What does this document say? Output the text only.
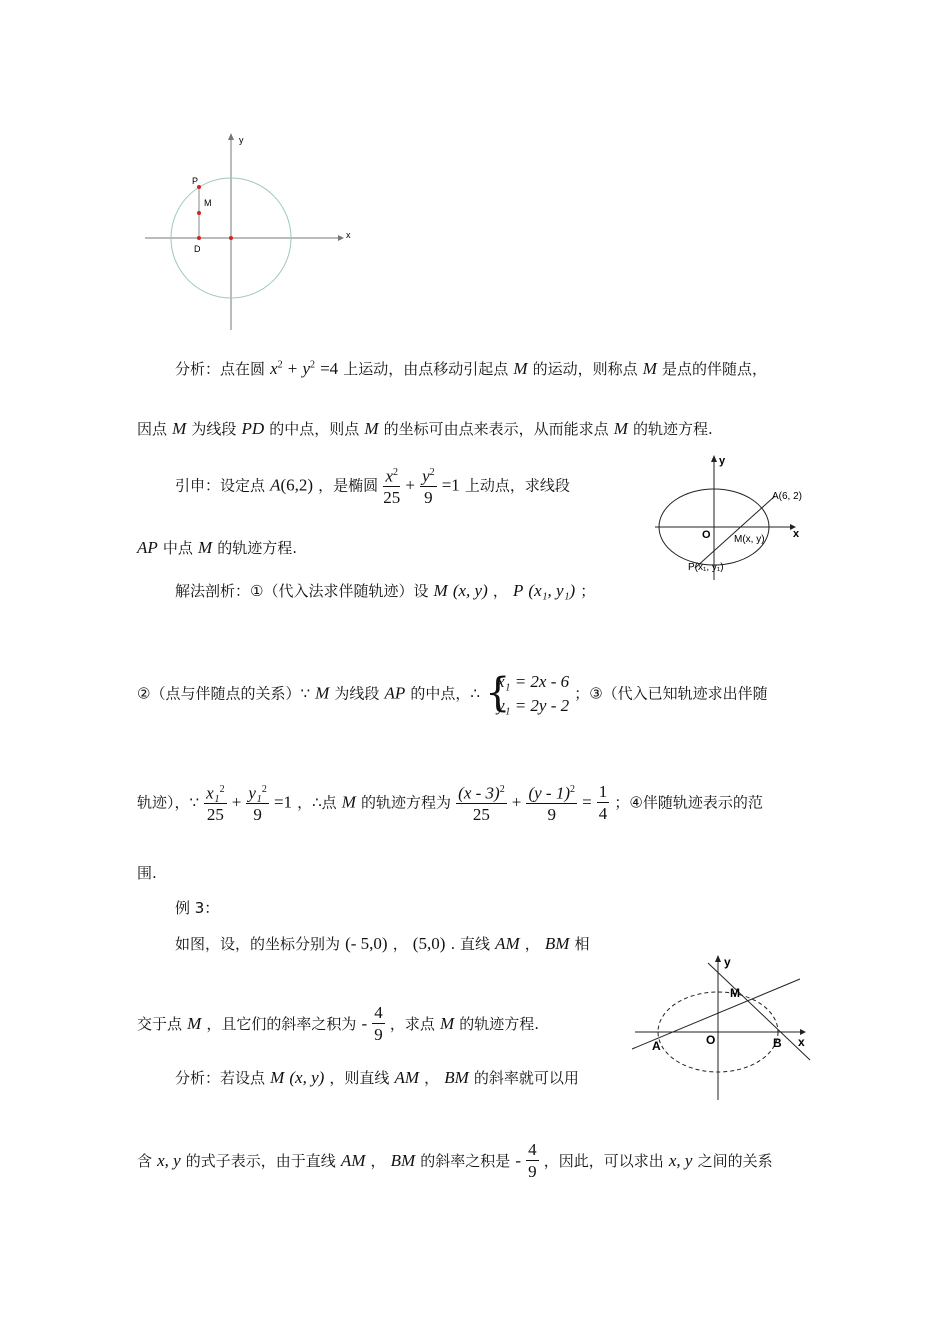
y
x
P
M
D
分析：点在圆 $x^2 + y^2 =4$ 上运动，由点移动引起点 M 的运动，则称点 M 是点的伴随点，
因点 M 为线段 PD 的中点，则点 M 的坐标可由点来表示，从而能求点 M 的轨迹方程.
引申：设定点 A(6,2) ，是椭圆 $\frac{x^2}{25} + \frac{y^2}{9} =1$ 上动点，求线段
AP 中点 M 的轨迹方程.
y
x
O
A(6, 2)
M(x, y)
P(x₁, y₁)
解法剖析：①（代入法求伴随轨迹）设 M (x, y) ， P (x₁, y₁) ；
②（点与伴随点的关系）∵ M 为线段 AP 的中点，∴ {
x₁ = 2x - 6
y₁ = 2y - 2
；③（代入已知轨迹求出伴随
轨迹），∵ $\frac{x_1^2}{25} + \frac{y_1^2}{9} =1$ ，∴点 M 的轨迹方程为 $\frac{(x - 3)^2}{25} + \frac{(y - 1)^2}{9} = \frac{1}{4}$ ；④伴随轨迹表示的范
围.
例 3：
如图，设，的坐标分别为 (- 5,0) ， (5,0) . 直线 AM ， BM 相
交于点 M ，且它们的斜率之积为 - $\frac{4}{9}$ ，求点 M 的轨迹方程.
y
x
O
A	B
M
分析：若设点 M (x, y) ，则直线 AM ， BM 的斜率就可以用
含 x, y 的式子表示，由于直线 AM ， BM 的斜率之积是 - $\frac{4}{9}$ ，因此，可以求出 x, y 之间的关系
